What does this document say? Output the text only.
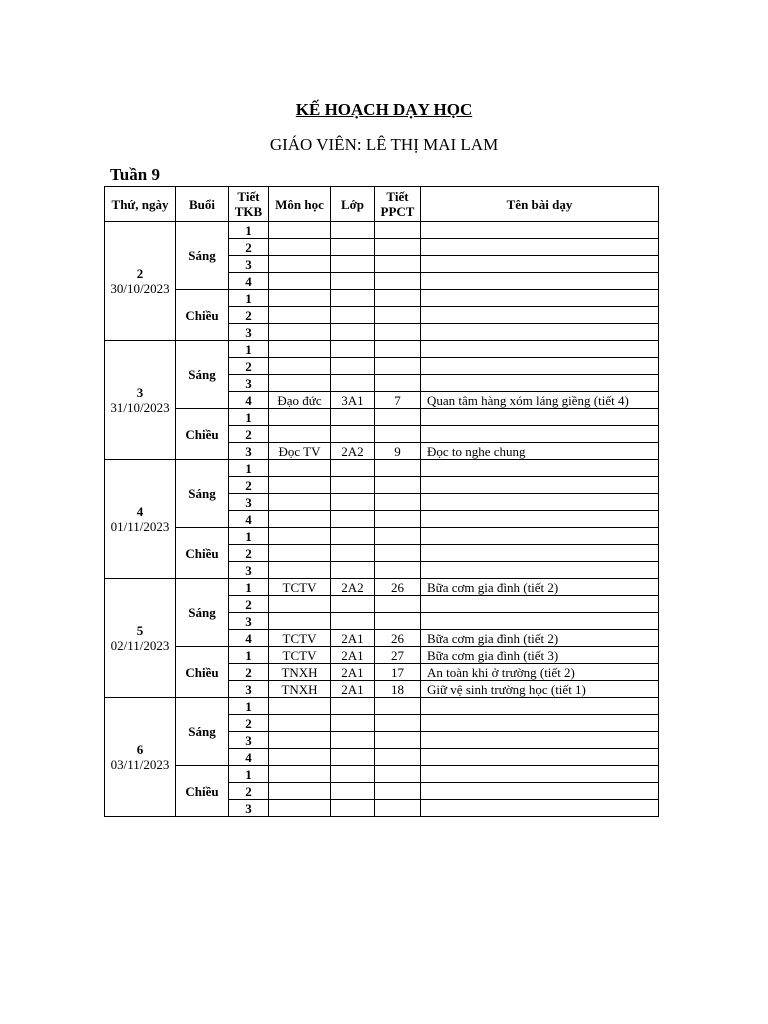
KẾ HOẠCH DẠY HỌC
GIÁO VIÊN: LÊ THỊ MAI LAM
Tuần 9
Thứ, ngày	Buổi	Tiết TKB	Môn học	Lớp	Tiết PPCT	Tên bài dạy

2
30/10/2023	Sáng	1				
		2				
		3				
		4				
	Chiều	1				
		2				
		3				

3
31/10/2023	Sáng	1				
		2				
		3				
		4	Đạo đức	3A1	7	Quan tâm hàng xóm láng giềng (tiết 4)
	Chiều	1				
		2				
		3	Đọc TV	2A2	9	Đọc to nghe chung

4
01/11/2023	Sáng	1				
		2				
		3				
		4				
	Chiều	1				
		2				
		3				

5
02/11/2023	Sáng	1	TCTV	2A2	26	Bữa cơm gia đình (tiết 2)
		2				
		3				
		4	TCTV	2A1	26	Bữa cơm gia đình (tiết 2)
	Chiều	1	TCTV	2A1	27	Bữa cơm gia đình (tiết 3)
		2	TNXH	2A1	17	An toàn khi ở trường (tiết 2)
		3	TNXH	2A1	18	Giữ vệ sinh trường học (tiết 1)

6
03/11/2023	Sáng	1				
		2				
		3				
		4				
	Chiều	1				
		2				
		3				
